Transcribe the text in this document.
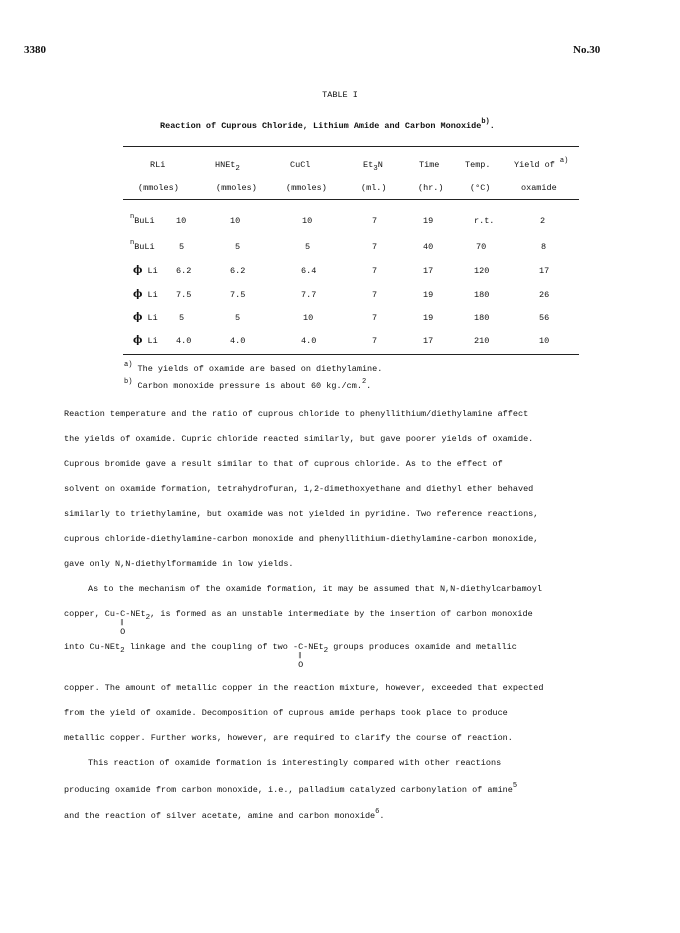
3380	No.30
TABLE I
Reaction of Cuprous Chloride, Lithium Amide and Carbon Monoxide$^{b)}$.
RLi	HNEt2	CuCl	Et3N	Time	Temp.	Yield of $^{a)}$
(mmoles)	(mmoles)	(mmoles)	(ml.)	(hr.)	(°C)	oxamide
$^n$BuLi	10	10	10	7	19	r.t.	2
$^n$BuLi	5	5	5	7	40	70	8
ϕ Li 6.2	6.2	6.4	7	17	120	17
ϕ Li 7.5	7.5	7.7	7	19	180	26
ϕ Li	5	5	10	7	19	180	56
ϕ Li 4.0	4.0	4.0	7	17	210	10
$^{a)}$ The yields of oxamide are based on diethylamine.
$^{b)}$ Carbon monoxide pressure is about 60 kg./cm.$^2$.
Reaction temperature and the ratio of cuprous chloride to phenyllithium/diethylamine affect
the yields of oxamide. Cupric chloride reacted similarly, but gave poorer yields of oxamide.
Cuprous bromide gave a result similar to that of cuprous chloride. As to the effect of
solvent on oxamide formation, tetrahydrofuran, 1,2-dimethoxyethane and diethyl ether behaved
similarly to triethylamine, but oxamide was not yielded in pyridine. Two reference reactions,
cuprous chloride-diethylamine-carbon monoxide and phenyllithium-diethylamine-carbon monoxide,
gave only N,N-diethylformamide in low yields.
As to the mechanism of the oxamide formation, it may be assumed that N,N-diethylcarbamoyl
copper, Cu-C
‖
O
-NEt2, is formed as an unstable intermediate by the insertion of carbon monoxide
into Cu-NEt2 linkage and the coupling of two -C
‖
O
-NEt2 groups produces oxamide and metallic
copper. The amount of metallic copper in the reaction mixture, however, exceeded that expected
from the yield of oxamide. Decomposition of cuprous amide perhaps took place to produce
metallic copper. Further works, however, are required to clarify the course of reaction.
This reaction of oxamide formation is interestingly compared with other reactions
producing oxamide from carbon monoxide, i.e., palladium catalyzed carbonylation of amine$^5$
and the reaction of silver acetate, amine and carbon monoxide$^6$.
